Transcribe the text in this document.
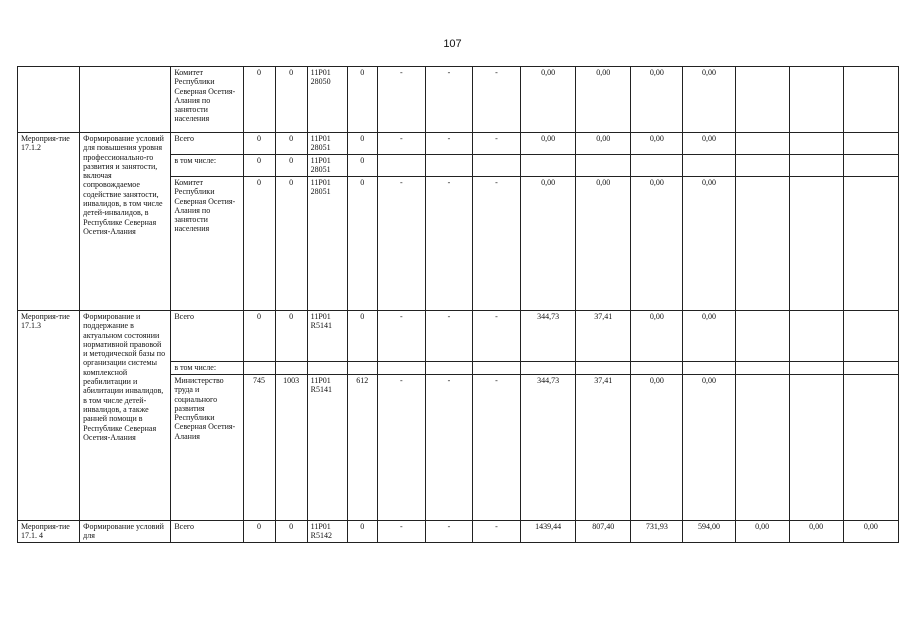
107
		Комитет Республики Северная Осетия-Алания по занятости населения	0	0	11Р01 28050	0	-	-	-	0,00	0,00	0,00	0,00			
Мероприя-тие 17.1.2	Формирование условий для повышения уровня профессионально-го развития и занятости, включая сопровождаемое содействие занятости, инвалидов, в том числе детей-инвалидов, в Республике Северная Осетия-Алания	Всего	0	0	11Р01 28051	0	-	-	-	0,00	0,00	0,00	0,00			
		в том числе:	0	0	11Р01 28051	0										
		Комитет Республики Северная Осетия-Алания по занятости населения	0	0	11Р01 28051	0	-	-	-	0,00	0,00	0,00	0,00			
Мероприя-тие 17.1.3	Формирование и поддержание в актуальном состоянии нормативной правовой и методической базы по организации системы комплексной реабилитации и абилитации инвалидов, в том числе детей-инвалидов, а также ранней помощи в Республике Северная Осетия-Алания	Всего	0	0	11Р01 R5141	0	-	-	-	344,73	37,41	0,00	0,00			
		в том числе:														
		Министерство труда и социального развития Республики Северная Осетия-Алания	745	1003	11Р01 R5141	612	-	-	-	344,73	37,41	0,00	0,00			
Мероприя-тие 17.1. 4	Формирование условий для	Всего	0	0	11Р01 R5142	0	-	-	-	1439,44	807,40	731,93	594,00	0,00	0,00	0,00
